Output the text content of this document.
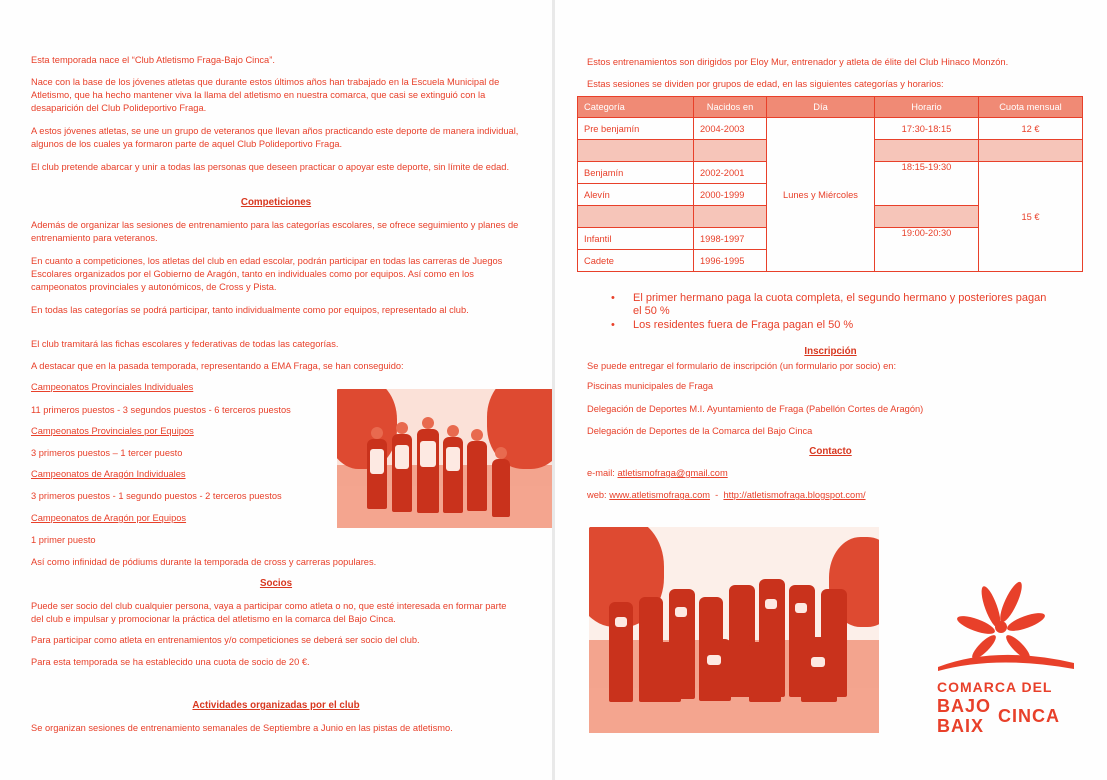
Esta temporada nace el “Club Atletismo Fraga-Bajo Cinca”.

Nace con la base de los jóvenes atletas que durante estos últimos años han trabajado en la Escuela Municipal de Atletismo, que ha hecho mantener viva la llama del atletismo en nuestra comarca, que casi se extinguió con la desaparición del Club Polideportivo Fraga.

A estos jóvenes atletas, se une un grupo de veteranos que llevan años practicando este deporte de manera individual, algunos de los cuales ya formaron parte de aquel Club Polideportivo Fraga.

El club pretende abarcar y unir a todas las personas que deseen practicar o apoyar este deporte, sin límite de edad.

Competiciones

Además de organizar las sesiones de entrenamiento para las categorías escolares, se ofrece seguimiento y planes de entrenamiento para veteranos.

En cuanto a competiciones, los atletas del club en edad escolar, podrán participar en todas las carreras de Juegos Escolares organizados por el Gobierno de Aragón, tanto en individuales como por equipos. Así como en los campeonatos provinciales y autonómicos, de Cross y Pista.

En todas las categorías se podrá participar, tanto individualmente como por equipos, representado al club.

El club tramitará las fichas escolares y federativas de todas las categorías.

A destacar que en la pasada temporada, representando a EMA Fraga, se han conseguido:

Campeonatos Provinciales Individuales

11 primeros puestos - 3 segundos puestos - 6 terceros puestos

Campeonatos Provinciales por Equipos

3 primeros puestos – 1 tercer puesto

Campeonatos de Aragón Individuales

3 primeros puestos - 1 segundo puestos - 2 terceros puestos

Campeonatos de Aragón por Equipos

1 primer puesto

Así como infinidad de pódiums durante la temporada de cross y carreras populares.

Socios

Puede ser socio del club cualquier persona, vaya a participar como atleta o no, que esté interesada en formar parte del club e impulsar y promocionar la práctica del atletismo en la comarca del Bajo Cinca.

Para participar como atleta en entrenamientos y/o competiciones se deberá ser socio del club.

Para esta temporada se ha establecido una cuota de socio de 20 €.

Actividades organizadas por el club

Se organizan sesiones de entrenamiento semanales de Septiembre a Junio en las pistas de atletismo.

Estos entrenamientos son dirigidos por Eloy Mur, entrenador y atleta de élite del Club Hinaco Monzón.

Estas sesiones se dividen por grupos de edad, en las siguientes categorías y horarios:

Categoría	Nacidos en	Día	Horario	Cuota mensual
Pre benjamín	2004-2003	Lunes y Miércoles	17:30-18:15	12 €

Benjamín	2002-2001		18:15-19:30	15 €
Alevín	2000-1999			

Infantil	1998-1997		19:00-20:30	
Cadete	1996-1995			
• El primer hermano paga la cuota completa, el segundo hermano y posteriores pagan el 50 %
• Los residentes fuera de Fraga pagan el 50 %

Inscripción

Se puede entregar el formulario de inscripción (un formulario por socio) en:

Piscinas municipales de Fraga

Delegación de Deportes M.I. Ayuntamiento de Fraga (Pabellón Cortes de Aragón)

Delegación de Deportes de la Comarca del Bajo Cinca

Contacto

e-mail: atletismofraga@gmail.com

web: www.atletismofraga.com - http://atletismofraga.blogspot.com/

COMARCA DEL
BAJO
BAIX CINCA
